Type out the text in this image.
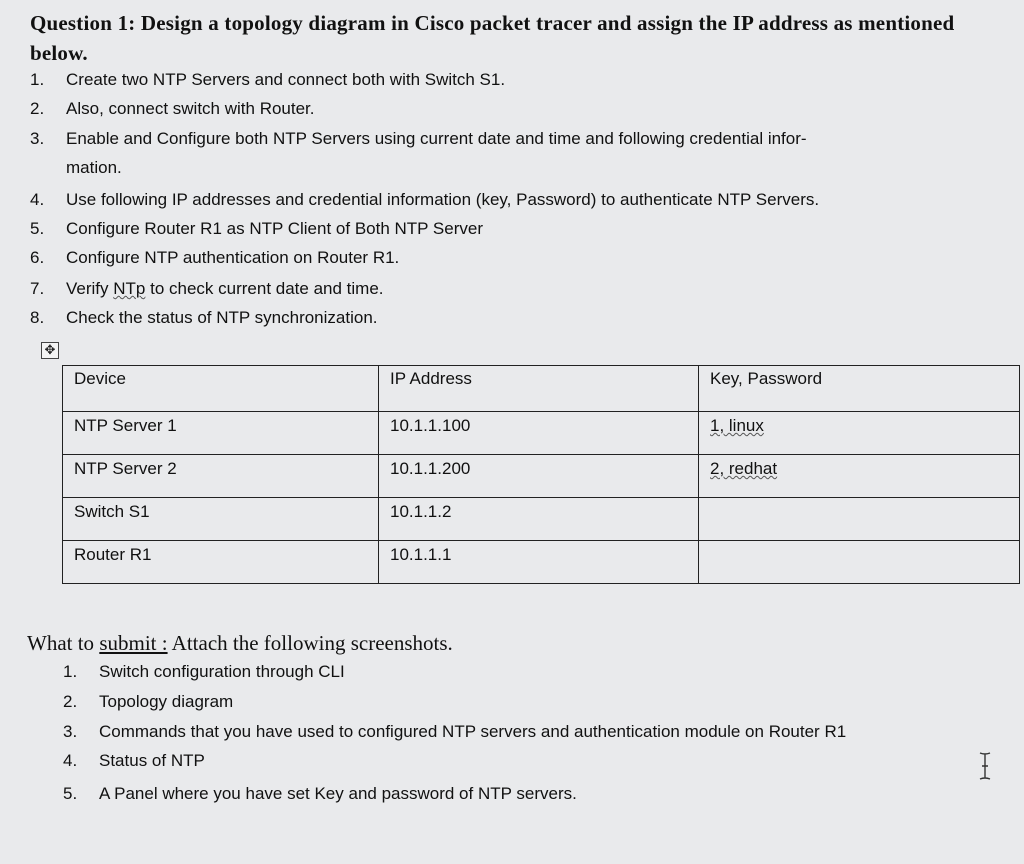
Question 1: Design a topology diagram in Cisco packet tracer and assign the IP address as mentioned below.
1.	Create two NTP Servers and connect both with Switch S1.
2.	Also, connect switch with Router.
3.	Enable and Configure both NTP Servers using current date and time and following credential infor-
mation.
4.	Use following IP addresses and credential information (key, Password) to authenticate NTP Servers.
5.	Configure Router R1 as NTP Client of Both NTP Server
6.	Configure NTP authentication on Router R1.
7.	Verify NTp to check current date and time.
8.	Check the status of NTP synchronization.
✥
Device	IP Address	Key, Password
NTP Server 1	10.1.1.100	1, linux
NTP Server 2	10.1.1.200	2, redhat
Switch S1	10.1.1.2	
Router R1	10.1.1.1	
What to submit : Attach the following screenshots.
1.	Switch configuration through CLI
2.	Topology diagram
3.	Commands that you have used to configured NTP servers and authentication module on Router R1
4.	Status of NTP
5.	A Panel where you have set Key and password of NTP servers.
